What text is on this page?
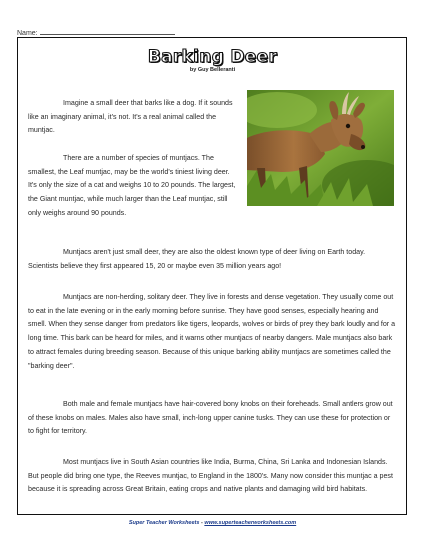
Name:
Barking Deer
by Guy Belleranti

Imagine a small deer that barks like a dog. If it sounds like an imaginary animal, it's not. It's a real animal called the muntjac.

There are a number of species of muntjacs. The smallest, the Leaf muntjac, may be the world's tiniest living deer. It's only the size of a cat and weighs 10 to 20 pounds. The largest, the Giant muntjac, while much larger than the Leaf muntjac, still only weighs around 90 pounds.

Muntjacs aren't just small deer, they are also the oldest known type of deer living on Earth today. Scientists believe they first appeared 15, 20 or maybe even 35 million years ago!

Muntjacs are non-herding, solitary deer. They live in forests and dense vegetation. They usually come out to eat in the late evening or in the early morning before sunrise. They have good senses, especially hearing and smell. When they sense danger from predators like tigers, leopards, wolves or birds of prey they bark loudly and for a long time. This bark can be heard for miles, and it warns other muntjacs of nearby dangers. Male muntjacs also bark to attract females during breeding season. Because of this unique barking ability muntjacs are sometimes called the "barking deer".

Both male and female muntjacs have hair-covered bony knobs on their foreheads. Small antlers grow out of these knobs on males. Males also have small, inch-long upper canine tusks. They can use these for protection or to fight for territory.

Most muntjacs live in South Asian countries like India, Burma, China, Sri Lanka and Indonesian Islands. But people did bring one type, the Reeves muntjac, to England in the 1800's. Many now consider this muntjac a pest because it is spreading across Great Britain, eating crops and native plants and damaging wild bird habitats.

Super Teacher Worksheets - www.superteacherworksheets.com
